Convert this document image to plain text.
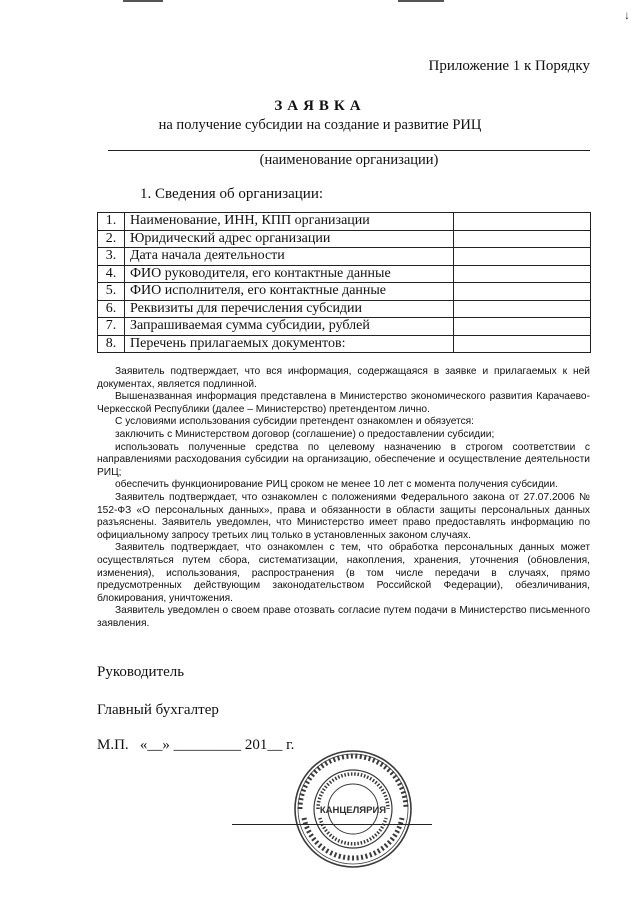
↓
Приложение 1 к Порядку
ЗАЯВКА
на получение субсидии на создание и развитие РИЦ
(наименование организации)
1. Сведения об организации:
1.	Наименование, ИНН, КПП организации	
2.	Юридический адрес организации	
3.	Дата начала деятельности	
4.	ФИО руководителя, его контактные данные	
5.	ФИО исполнителя, его контактные данные	
6.	Реквизиты для перечисления субсидии	
7.	Запрашиваемая сумма субсидии, рублей	
8.	Перечень прилагаемых документов:	

Заявитель подтверждает, что вся информация, содержащаяся в заявке и прилагаемых к ней документах, является подлинной.

Вышеназванная информация представлена в Министерство экономического развития Карачаево-Черкесской Республики (далее – Министерство) претендентом лично.

С условиями использования субсидии претендент ознакомлен и обязуется:

заключить с Министерством договор (соглашение) о предоставлении субсидии;

использовать полученные средства по целевому назначению в строгом соответствии с направлениями расходования субсидии на организацию, обеспечение и осуществление деятельности РИЦ;

обеспечить функционирование РИЦ сроком не менее 10 лет с момента получения субсидии.

Заявитель подтверждает, что ознакомлен с положениями Федерального закона от 27.07.2006 № 152-ФЗ «О персональных данных», права и обязанности в области защиты персональных данных разъяснены. Заявитель уведомлен, что Министерство имеет право предоставлять информацию по официальному запросу третьих лиц только в установленных законом случаях.

Заявитель подтверждает, что ознакомлен с тем, что обработка персональных данных может осуществляться путем сбора, систематизации, накопления, хранения, уточнения (обновления, изменения), использования, распространения (в том числе передачи в случаях, прямо предусмотренных действующим законодательством Российской Федерации), обезличивания, блокирования, уничтожения.

Заявитель уведомлен о своем праве отозвать согласие путем подачи в Министерство письменного заявления.

Руководитель
Главный бухгалтер
М.П.   «__» _________ 201__ г.
КАНЦЕЛЯРИЯ
